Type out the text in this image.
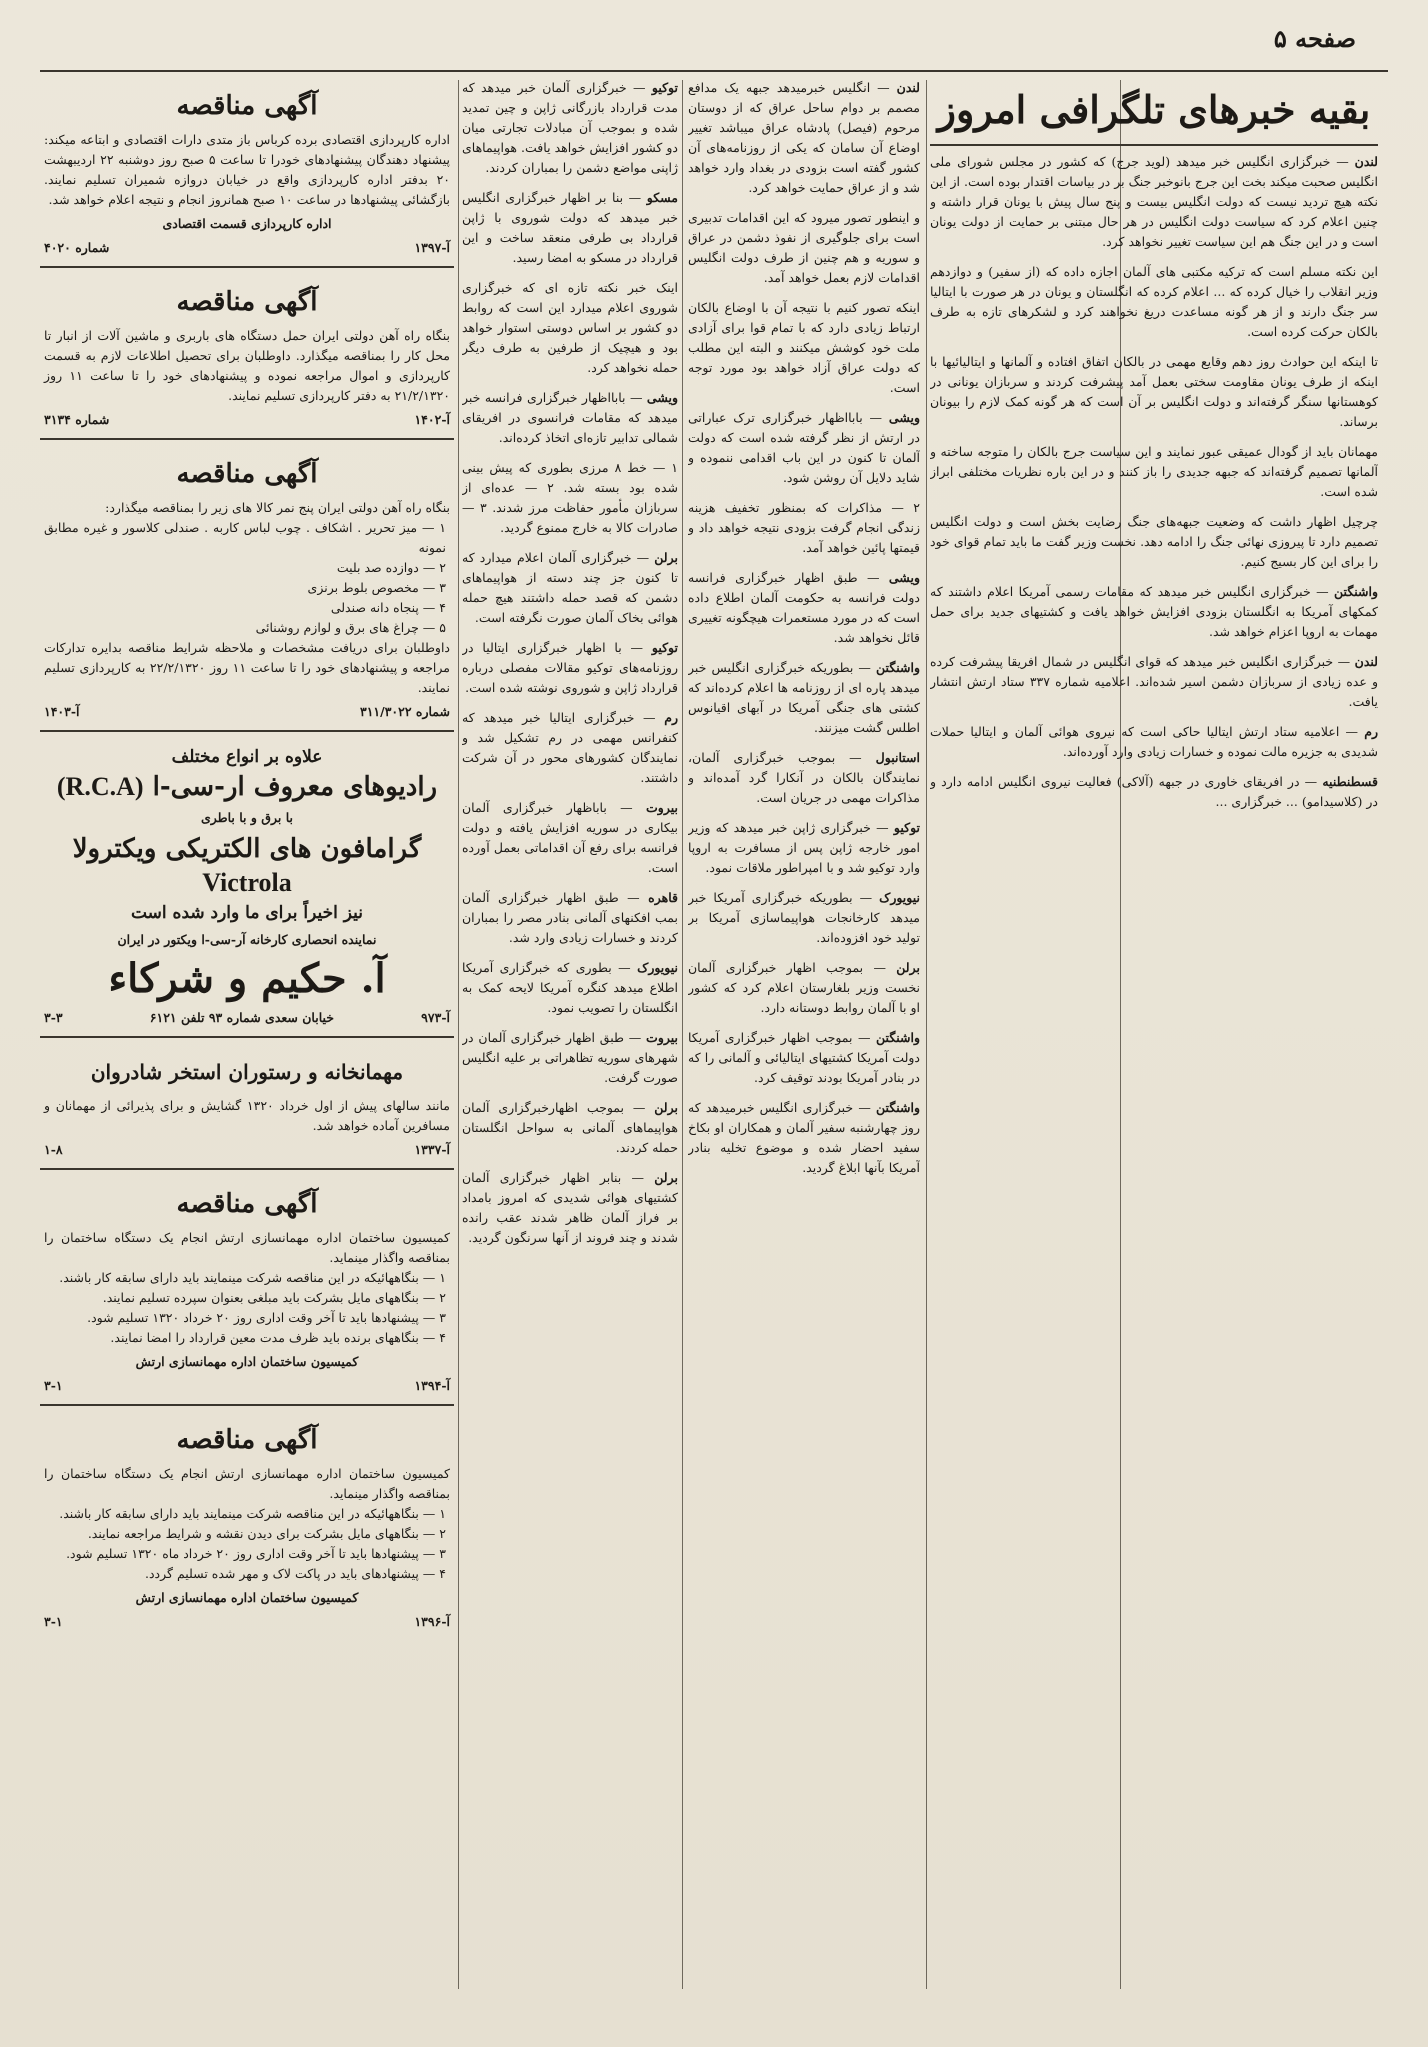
صفحه ۵
بقیه خبرهای تلگرافی امروز

لندن — خبرگزاری انگلیس خبر میدهد (لوید جرج) که کشور در مجلس شورای ملی انگلیس صحبت میکند بخت این جرج بانوخبر جنگ بر در بیاسات اقتدار بوده است. از این نکته هیچ تردید نیست که دولت انگلیس بیست و پنج سال پیش با یونان قرار داشته و چنین اعلام کرد که سیاست دولت انگلیس در هر حال مبتنی بر حمایت از دولت یونان است و در این جنگ هم این سیاست تغییر نخواهد کرد.

این نکته مسلم است که ترکیه مکتبی های آلمان اجازه داده که (از سفیر) و دوازدهم وزیر انقلاب را خیال کرده که ... اعلام کرده که انگلستان و یونان در هر صورت با ایتالیا سر جنگ دارند و از هر گونه مساعدت دریغ نخواهند کرد و لشکرهای تازه به طرف بالکان حرکت کرده است.

تا اینکه این حوادث روز دهم وقایع مهمی در بالکان اتفاق افتاده و آلمانها و ایتالیائیها با اینکه از طرف یونان مقاومت سختی بعمل آمد پیشرفت کردند و سربازان یونانی در کوهستانها سنگر گرفته‌اند و دولت انگلیس بر آن است که هر گونه کمک لازم را بیونان برساند.

مهمانان باید از گودال عمیقی عبور نمایند و این سیاست جرج بالکان را متوجه ساخته و آلمانها تصمیم گرفته‌اند که جبهه جدیدی را باز کنند و در این باره نظریات مختلفی ابراز شده است.

چرچیل اظهار داشت که وضعیت جبهه‌های جنگ رضایت بخش است و دولت انگلیس تصمیم دارد تا پیروزی نهائی جنگ را ادامه دهد. نخست وزیر گفت ما باید تمام قوای خود را برای این کار بسیج کنیم.

واشنگتن — خبرگزاری انگلیس خبر میدهد که مقامات رسمی آمریکا اعلام داشتند که کمکهای آمریکا به انگلستان بزودی افزایش خواهد یافت و کشتیهای جدید برای حمل مهمات به اروپا اعزام خواهد شد.

لندن — خبرگزاری انگلیس خبر میدهد که قوای انگلیس در شمال افریقا پیشرفت کرده و عده زیادی از سربازان دشمن اسیر شده‌اند. اعلامیه شماره ۳۳۷ ستاد ارتش انتشار یافت.

رم — اعلامیه ستاد ارتش ایتالیا حاکی است که نیروی هوائی آلمان و ایتالیا حملات شدیدی به جزیره مالت نموده و خسارات زیادی وارد آورده‌اند.

قسطنطنیه — در افریقای خاوری در جبهه (آلاکی) فعالیت نیروی انگلیس ادامه دارد و در (کلاسیدامو) ... خبرگزاری ...

لندن — انگلیس خبرمیدهد جبهه یک مدافع مصمم بر دوام ساحل عراق که از دوستان مرحوم (فیصل) پادشاه عراق میباشد تغییر اوضاع آن سامان که یکی از روزنامه‌های آن کشور گفته است بزودی در بغداد وارد خواهد شد و از عراق حمایت خواهد کرد.

و اینطور تصور میرود که این اقدامات تدبیری است برای جلوگیری از نفوذ دشمن در عراق و سوریه و هم چنین از طرف دولت انگلیس اقدامات لازم بعمل خواهد آمد.

اینکه تصور کنیم با نتیجه آن با اوضاع بالکان ارتباط زیادی دارد که با تمام قوا برای آزادی ملت خود کوشش میکنند و البته این مطلب که دولت عراق آزاد خواهد بود مورد توجه است.

ویشی — بابااظهار خبرگزاری ترک عباراتی در ارتش از نظر گرفته شده است که دولت آلمان تا کنون در این باب اقدامی ننموده و شاید دلایل آن روشن شود.

۲ — مذاکرات که بمنظور تخفیف هزینه زندگی انجام گرفت بزودی نتیجه خواهد داد و قیمتها پائین خواهد آمد.

ویشی — طبق اظهار خبرگزاری فرانسه دولت فرانسه به حکومت آلمان اطلاع داده است که در مورد مستعمرات هیچگونه تغییری قائل نخواهد شد.

واشنگتن — بطوریکه خبرگزاری انگلیس خبر میدهد پاره ای از روزنامه ها اعلام کرده‌اند که کشتی های جنگی آمریکا در آبهای اقیانوس اطلس گشت میزنند.

استانبول — بموجب خبرگزاری آلمان، نمایندگان بالکان در آنکارا گرد آمده‌اند و مذاکرات مهمی در جریان است.

توکیو — خبرگزاری ژاپن خبر میدهد که وزیر امور خارجه ژاپن پس از مسافرت به اروپا وارد توکیو شد و با امپراطور ملاقات نمود.

نیویورک — بطوریکه خبرگزاری آمریکا خبر میدهد کارخانجات هواپیماسازی آمریکا بر تولید خود افزوده‌اند.

برلن — بموجب اظهار خبرگزاری آلمان نخست وزیر بلغارستان اعلام کرد که کشور او با آلمان روابط دوستانه دارد.

واشنگتن — بموجب اظهار خبرگزاری آمریکا دولت آمریکا کشتیهای ایتالیائی و آلمانی را که در بنادر آمریکا بودند توقیف کرد.

واشنگتن — خبرگزاری انگلیس خبرمیدهد که روز چهارشنبه سفیر آلمان و همکاران او بکاخ سفید احضار شده و موضوع تخلیه بنادر آمریکا بآنها ابلاغ گردید.

توکیو — خبرگزاری آلمان خبر میدهد که مدت قرارداد بازرگانی ژاپن و چین تمدید شده و بموجب آن مبادلات تجارتی میان دو کشور افزایش خواهد یافت. هواپیماهای ژاپنی مواضع دشمن را بمباران کردند.

مسکو — بنا بر اظهار خبرگزاری انگلیس خبر میدهد که دولت شوروی با ژاپن قرارداد بی طرفی منعقد ساخت و این قرارداد در مسکو به امضا رسید.

اینک خبر نکته تازه ای که خبرگزاری شوروی اعلام میدارد این است که روابط دو کشور بر اساس دوستی استوار خواهد بود و هیچیک از طرفین به طرف دیگر حمله نخواهد کرد.

ویشی — بابااظهار خبرگزاری فرانسه خبر میدهد که مقامات فرانسوی در افریقای شمالی تدابیر تازه‌ای اتخاذ کرده‌اند.

۱ — خط ۸ مرزی بطوری که پیش بینی شده بود بسته شد. ۲ — عده‌ای از سربازان مأمور حفاظت مرز شدند. ۳ — صادرات کالا به خارج ممنوع گردید.

برلن — خبرگزاری آلمان اعلام میدارد که تا کنون جز چند دسته از هواپیماهای دشمن که قصد حمله داشتند هیچ حمله هوائی بخاک آلمان صورت نگرفته است.

توکیو — با اظهار خبرگزاری ایتالیا در روزنامه‌های توکیو مقالات مفصلی درباره قرارداد ژاپن و شوروی نوشته شده است.

رم — خبرگزاری ایتالیا خبر میدهد که کنفرانس مهمی در رم تشکیل شد و نمایندگان کشورهای محور در آن شرکت داشتند.

بیروت — باباظهار خبرگزاری آلمان بیکاری در سوریه افزایش یافته و دولت فرانسه برای رفع آن اقداماتی بعمل آورده است.

قاهره — طبق اظهار خبرگزاری آلمان بمب افکنهای آلمانی بنادر مصر را بمباران کردند و خسارات زیادی وارد شد.

نیویورک — بطوری که خبرگزاری آمریکا اطلاع میدهد کنگره آمریکا لایحه کمک به انگلستان را تصویب نمود.

بیروت — طبق اظهار خبرگزاری آلمان در شهرهای سوریه تظاهراتی بر علیه انگلیس صورت گرفت.

برلن — بموجب اظهارخبرگزاری آلمان هواپیماهای آلمانی به سواحل انگلستان حمله کردند.

برلن — بنابر اظهار خبرگزاری آلمان کشتیهای هوائی شدیدی که امروز بامداد بر فراز آلمان ظاهر شدند عقب رانده شدند و چند فروند از آنها سرنگون گردید.

آگهی مناقصه
اداره کارپردازی اقتصادی برده کرباس باز متدی دارات اقتصادی و ابتاعه میکند: پیشنهاد دهندگان پیشنهادهای خودرا تا ساعت ۵ صبح روز دوشنبه ۲۲ اردیبهشت ۲۰ بدفتر اداره کارپردازی واقع در خیابان دروازه شمیران تسلیم نمایند. بازگشائی پیشنهادها در ساعت ۱۰ صبح همانروز انجام و نتیجه اعلام خواهد شد.
اداره کارپردازی قسمت اقتصادی
آ-۱۳۹۷
شماره ۴۰۲۰
آگهی مناقصه
بنگاه راه آهن دولتی ایران حمل دستگاه های باربری و ماشین آلات از انبار تا محل کار را بمناقصه میگذارد. داوطلبان برای تحصیل اطلاعات لازم به قسمت کارپردازی و اموال مراجعه نموده و پیشنهادهای خود را تا ساعت ۱۱ روز ۲۱/۲/۱۳۲۰ به دفتر کارپردازی تسلیم نمایند.
آ-۱۴۰۲
شماره ۳۱۳۴
آگهی مناقصه
بنگاه راه آهن دولتی ایران پنج نمر کالا های زیر را بمناقصه میگذارد:
۱ — میز تحریر . اشکاف . چوب لباس کاربه . صندلی کلاسور و غیره مطابق نمونه
۲ — دوازده صد بلیت
۳ — مخصوص بلوط برنزی
۴ — پنجاه دانه صندلی
۵ — چراغ های برق و لوازم روشنائی
داوطلبان برای دریافت مشخصات و ملاحظه شرایط مناقصه بدایره تدارکات مراجعه و پیشنهادهای خود را تا ساعت ۱۱ روز ۲۲/۲/۱۳۲۰ به کارپردازی تسلیم نمایند.
شماره ۳۱۱/۳۰۲۲
آ-۱۴۰۳
علاوه بر انواع مختلف
رادیوهای معروف ار-سی-ا (R.C.A)
با برق و با باطری
گرامافون های الکتریکی ویکترولا Victrola
نیز اخیراً برای ما وارد شده است
نماینده انحصاری کارخانه آر-سی-ا ویکتور در ایران
آ. حکیم و شرکاء
آ-۹۷۳
خیابان سعدی شماره ۹۳ تلفن ۶۱۲۱
۳-۳
مهمانخانه و رستوران استخر شادروان
مانند سالهای پیش از اول خرداد ۱۳۲۰ گشایش و برای پذیرائی از مهمانان و مسافرین آماده خواهد شد.
آ-۱۳۳۷
۱-۸
آگهی مناقصه
کمیسیون ساختمان اداره مهمانسازی ارتش انجام یک دستگاه ساختمان را بمناقصه واگذار مینماید.
۱ — بنگاههائیکه در این مناقصه شرکت مینمایند باید دارای سابقه کار باشند.
۲ — بنگاههای مایل بشرکت باید مبلغی بعنوان سپرده تسلیم نمایند.
۳ — پیشنهادها باید تا آخر وقت اداری روز ۲۰ خرداد ۱۳۲۰ تسلیم شود.
۴ — بنگاههای برنده باید ظرف مدت معین قرارداد را امضا نمایند.
کمیسیون ساختمان اداره مهمانسازی ارتش
آ-۱۳۹۴
۳-۱
آگهی مناقصه
کمیسیون ساختمان اداره مهمانسازی ارتش انجام یک دستگاه ساختمان را بمناقصه واگذار مینماید.
۱ — بنگاههائیکه در این مناقصه شرکت مینمایند باید دارای سابقه کار باشند.
۲ — بنگاههای مایل بشرکت برای دیدن نقشه و شرایط مراجعه نمایند.
۳ — پیشنهادها باید تا آخر وقت اداری روز ۲۰ خرداد ماه ۱۳۲۰ تسلیم شود.
۴ — پیشنهادهای باید در پاکت لاک و مهر شده تسلیم گردد.
کمیسیون ساختمان اداره مهمانسازی ارتش
آ-۱۳۹۶
۳-۱
